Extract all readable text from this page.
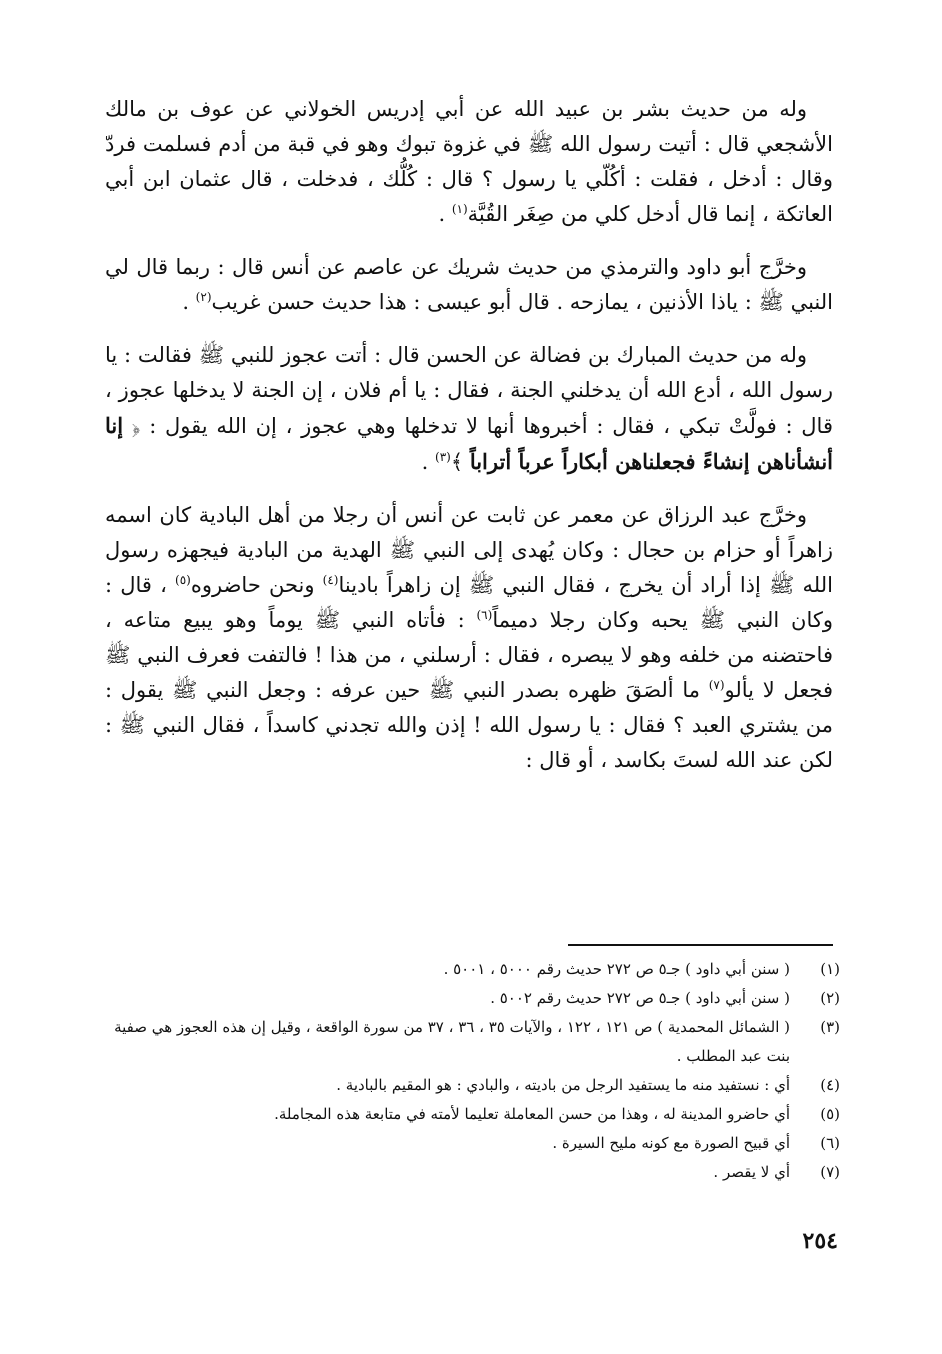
وله من حديث بشر بن عبيد الله عن أبي إدريس الخولاني عن عوف بن مالك الأشجعي قال : أتيت رسول الله ﷺ في غزوة تبوك وهو في قبة من أدم فسلمت فردّ وقال : أدخل ، فقلت : أكُلّي يا رسول ؟ قال : كُلُّك ، فدخلت ، قال عثمان ابن أبي العاتكة ، إنما قال أدخل كلي من صِغَر القُبَّة$^{(١)}$ .

وخرَّج أبو داود والترمذي من حديث شريك عن عاصم عن أنس قال : ربما قال لي النبي ﷺ : ياذا الأذنين ، يمازحه . قال أبو عيسى : هذا حديث حسن غريب$^{(٢)}$ .

وله من حديث المبارك بن فضالة عن الحسن قال : أتت عجوز للنبي ﷺ فقالت : يا رسول الله ، أدع الله أن يدخلني الجنة ، فقال : يا أم فلان ، إن الجنة لا يدخلها عجوز ، قال : فولَّتْ تبكي ، فقال : أخبروها أنها لا تدخلها وهي عجوز ، إن الله يقول : ﴿ إنا أنشأناهن إنشاءً فجعلناهن أبكاراً عرباً أتراباً ﴾$^{(٣)}$ .

وخرَّج عبد الرزاق عن معمر عن ثابت عن أنس أن رجلا من أهل البادية كان اسمه زاهراً أو حزام بن حجال : وكان يُهدى إلى النبي ﷺ الهدية من البادية فيجهزه رسول الله ﷺ إذا أراد أن يخرج ، فقال النبي ﷺ إن زاهراً بادينا$^{(٤)}$ ونحن حاضروه$^{(٥)}$ ، قال : وكان النبي ﷺ يحبه وكان رجلا دميماً$^{(٦)}$ : فأتاه النبي ﷺ يوماً وهو يبيع متاعه ، فاحتضنه من خلفه وهو لا يبصره ، فقال : أرسلني ، من هذا ! فالتفت فعرف النبي ﷺ فجعل لا يألو$^{(٧)}$ ما ألصَقَ ظهره بصدر النبي ﷺ حين عرفه : وجعل النبي ﷺ يقول : من يشتري العبد ؟ فقال : يا رسول الله ! إذن والله تجدني كاسداً ، فقال النبي ﷺ : لكن عند الله لستَ بكاسد ، أو قال :

(١)
( سنن أبي داود ) جـ٥ ص ٢٧٢ حديث رقم ٥٠٠٠ ، ٥٠٠١ .
(٢)
( سنن أبي داود ) جـ٥ ص ٢٧٢ حديث رقم ٥٠٠٢ .
(٣)
( الشمائل المحمدية ) ص ١٢١ ، ١٢٢ ، والآيات ٣٥ ، ٣٦ ، ٣٧ من سورة الواقعة ، وقيل إن هذه العجوز هي صفية بنت عبد المطلب .
(٤)
أي : نستفيد منه ما يستفيد الرجل من باديته ، والبادي : هو المقيم بالبادية .
(٥)
أي حاضرو المدينة له ، وهذا من حسن المعاملة تعليما لأمته في متابعة هذه المجاملة.
(٦)
أي قبيح الصورة مع كونه مليح السيرة .
(٧)
أي لا يقصر .
٢٥٤
